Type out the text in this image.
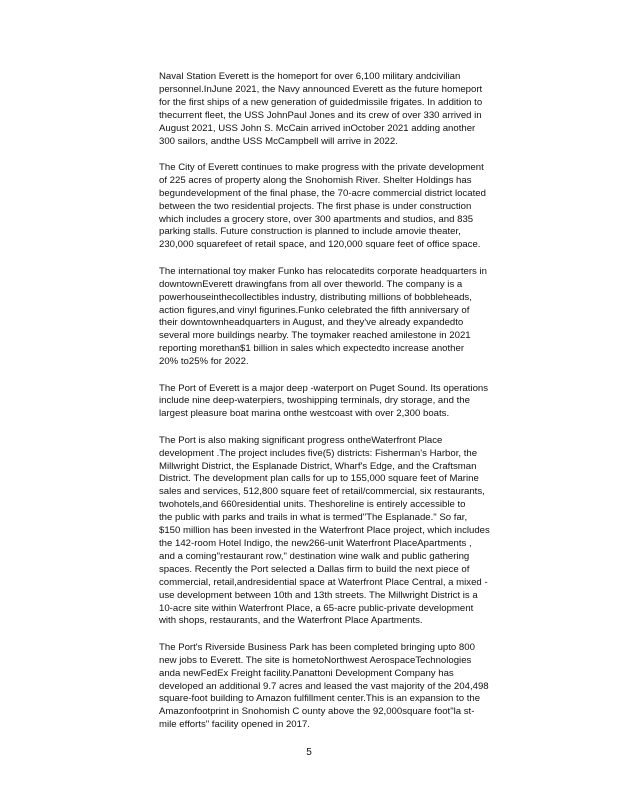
Naval Station Everett is the homeport for over 6,100 military andcivilian
personnel.InJune 2021, the Navy announced Everett as the future homeport
for the first ships of a new generation of guidedmissile frigates. In addition to
thecurrent fleet, the USS JohnPaul Jones and its crew of over 330 arrived in
August 2021, USS John S. McCain arrived inOctober 2021 adding another
300 sailors, andthe USS McCampbell will arrive in 2022.

The City of Everett continues to make progress with the private development
of 225 acres of property along the Snohomish River. Shelter Holdings has
begundevelopment of the final phase, the 70-acre commercial district located
between the two residential projects. The first phase is under construction
which includes a grocery store, over 300 apartments and studios, and 835
parking stalls. Future construction is planned to include amovie theater,
230,000 squarefeet of retail space, and 120,000 square feet of office space.

The international toy maker Funko has relocatedits corporate headquarters in
downtownEverett drawingfans from all over theworld. The company is a
powerhouseinthecollectibles industry, distributing millions of bobbleheads,
action figures,and vinyl figurines.Funko celebrated the fifth anniversary of
their downtownheadquarters in August, and they've already expandedto
several more buildings nearby. The toymaker reached amilestone in 2021
reporting morethan$1 billion in sales which expectedto increase another
20% to25% for 2022.

The Port of Everett is a major deep -waterport on Puget Sound. Its operations
include nine deep-waterpiers, twoshipping terminals, dry storage, and the
largest pleasure boat marina onthe westcoast with over 2,300 boats.

The Port is also making significant progress ontheWaterfront Place
development .The project includes five(5) districts: Fisherman's Harbor, the
Millwright District, the Esplanade District, Wharf's Edge, and the Craftsman
District. The development plan calls for up to 155,000 square feet of Marine
sales and services, 512,800 square feet of retail/commercial, six restaurants,
twohotels,and 660residential units. Theshoreline is entirely accessible to
the public with parks and trails in what is termed"The Esplanade." So far,
$150 million has been invested in the Waterfront Place project, which includes
the 142-room Hotel Indigo, the new266-unit Waterfront PlaceApartments ,
and a coming"restaurant row," destination wine walk and public gathering
spaces. Recently the Port selected a Dallas firm to build the next piece of
commercial, retail,andresidential space at Waterfront Place Central, a mixed -
use development between 10th and 13th streets. The Millwright District is a
10-acre site within Waterfront Place, a 65-acre public-private development
with shops, restaurants, and the Waterfront Place Apartments.

The Port's Riverside Business Park has been completed bringing upto 800
new jobs to Everett. The site is hometoNorthwest AerospaceTechnologies
anda newFedEx Freight facility.Panattoni Development Company has
developed an additional 9.7 acres and leased the vast majority of the 204,498
square-foot building to Amazon fulfillment center.This is an expansion to the
Amazonfootprint in Snohomish C ounty above the 92,000square foot"la st-
mile efforts" facility opened in 2017.

5
